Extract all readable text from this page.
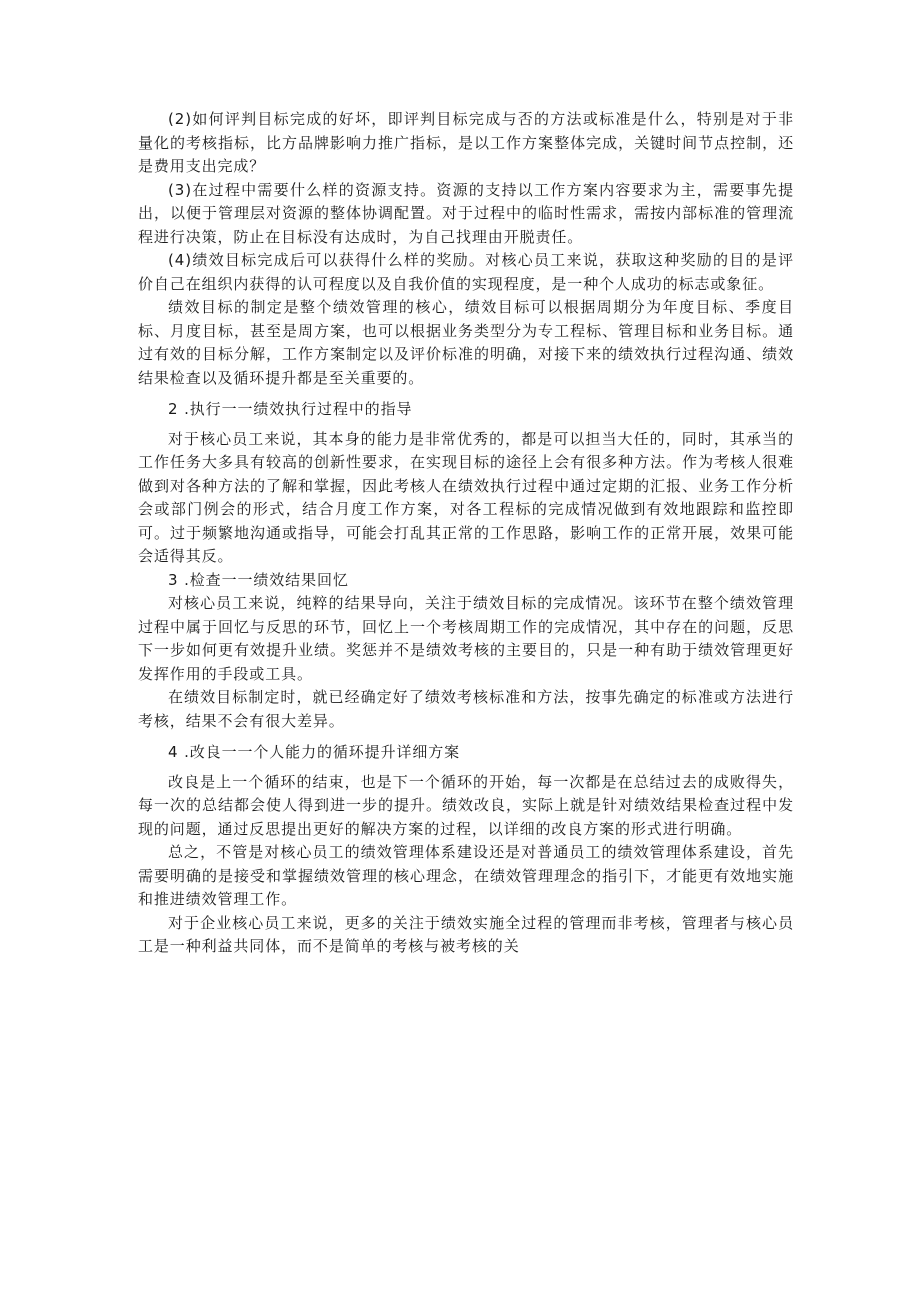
(2)如何评判目标完成的好坏，即评判目标完成与否的方法或标准是什么，特别是对于非量化的考核指标，比方品牌影响力推广指标，是以工作方案整体完成，关键时间节点控制，还是费用支出完成？

(3)在过程中需要什么样的资源支持。资源的支持以工作方案内容要求为主，需要事先提出，以便于管理层对资源的整体协调配置。对于过程中的临时性需求，需按内部标准的管理流程进行决策，防止在目标没有达成时，为自己找理由开脱责任。

(4)绩效目标完成后可以获得什么样的奖励。对核心员工来说，获取这种奖励的目的是评价自己在组织内获得的认可程度以及自我价值的实现程度，是一种个人成功的标志或象征。

绩效目标的制定是整个绩效管理的核心，绩效目标可以根据周期分为年度目标、季度目标、月度目标，甚至是周方案，也可以根据业务类型分为专工程标、管理目标和业务目标。通过有效的目标分解，工作方案制定以及评价标准的明确，对接下来的绩效执行过程沟通、绩效结果检查以及循环提升都是至关重要的。

2 .执行一一绩效执行过程中的指导

对于核心员工来说，其本身的能力是非常优秀的，都是可以担当大任的，同时，其承当的工作任务大多具有较高的创新性要求，在实现目标的途径上会有很多种方法。作为考核人很难做到对各种方法的了解和掌握，因此考核人在绩效执行过程中通过定期的汇报、业务工作分析会或部门例会的形式，结合月度工作方案，对各工程标的完成情况做到有效地跟踪和监控即可。过于频繁地沟通或指导，可能会打乱其正常的工作思路，影响工作的正常开展，效果可能会适得其反。

3 .检查一一绩效结果回忆

对核心员工来说，纯粹的结果导向，关注于绩效目标的完成情况。该环节在整个绩效管理过程中属于回忆与反思的环节，回忆上一个考核周期工作的完成情况，其中存在的问题，反思下一步如何更有效提升业绩。奖惩并不是绩效考核的主要目的，只是一种有助于绩效管理更好发挥作用的手段或工具。

在绩效目标制定时，就已经确定好了绩效考核标准和方法，按事先确定的标准或方法进行考核，结果不会有很大差异。

4 .改良一一个人能力的循环提升详细方案

改良是上一个循环的结束，也是下一个循环的开始，每一次都是在总结过去的成败得失，每一次的总结都会使人得到进一步的提升。绩效改良，实际上就是针对绩效结果检查过程中发现的问题，通过反思提出更好的解决方案的过程，以详细的改良方案的形式进行明确。

总之，不管是对核心员工的绩效管理体系建设还是对普通员工的绩效管理体系建设，首先需要明确的是接受和掌握绩效管理的核心理念，在绩效管理理念的指引下，才能更有效地实施和推进绩效管理工作。

对于企业核心员工来说，更多的关注于绩效实施全过程的管理而非考核，管理者与核心员工是一种利益共同体，而不是简单的考核与被考核的关
